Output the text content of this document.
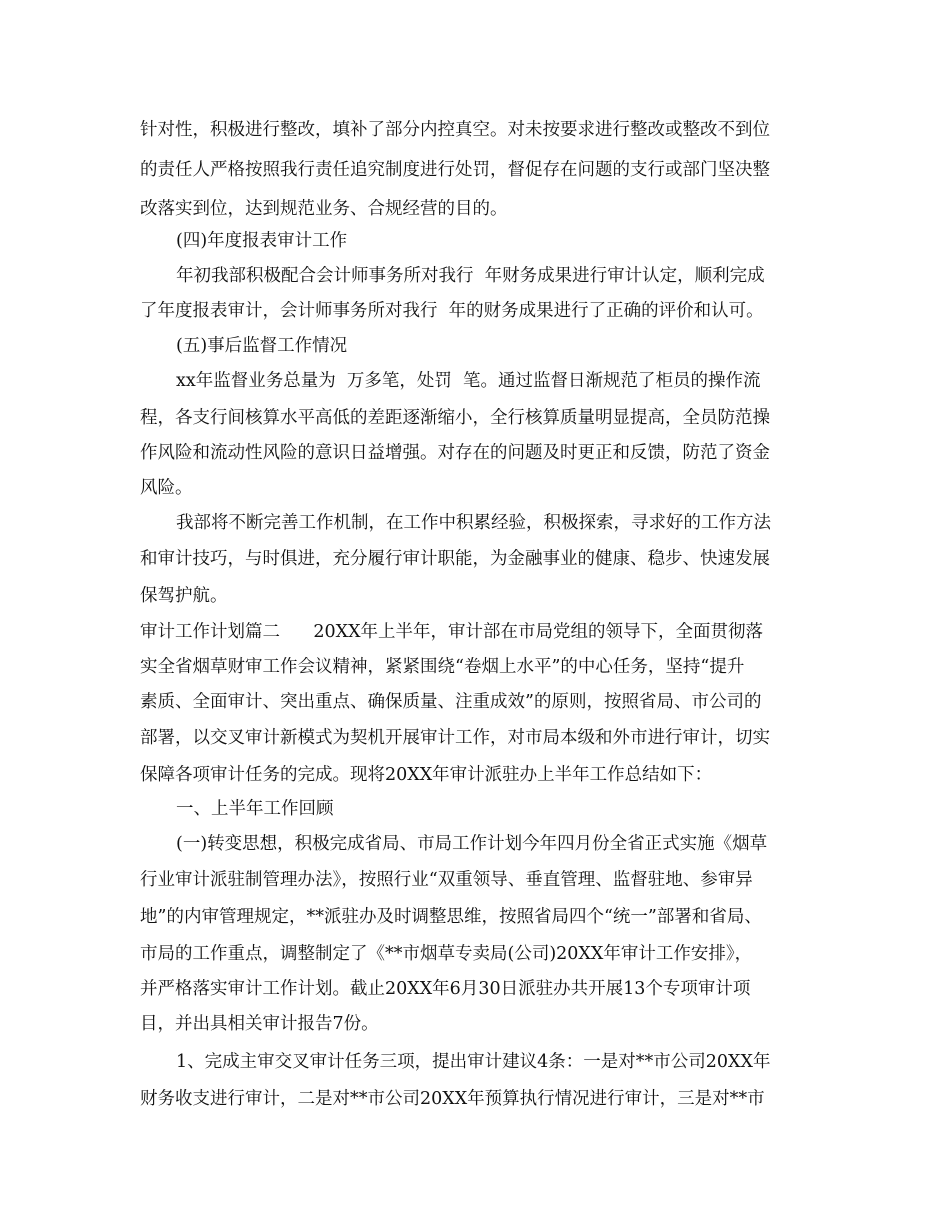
针对性，积极进行整改，填补了部分内控真空。对未按要求进行整改或整改不到位
的责任人严格按照我行责任追究制度进行处罚，督促存在问题的支行或部门坚决整
改落实到位，达到规范业务、合规经营的目的。
(四)年度报表审计工作
年初我部积极配合会计师事务所对我行  年财务成果进行审计认定，顺利完成
了年度报表审计，会计师事务所对我行  年的财务成果进行了正确的评价和认可。
(五)事后监督工作情况
xx年监督业务总量为  万多笔，处罚  笔。通过监督日渐规范了柜员的操作流
程，各支行间核算水平高低的差距逐渐缩小，全行核算质量明显提高，全员防范操
作风险和流动性风险的意识日益增强。对存在的问题及时更正和反馈，防范了资金
风险。
我部将不断完善工作机制，在工作中积累经验，积极探索，寻求好的工作方法
和审计技巧，与时俱进，充分履行审计职能，为金融事业的健康、稳步、快速发展
保驾护航。
审计工作计划篇二      20XX年上半年，审计部在市局党组的领导下，全面贯彻落
实全省烟草财审工作会议精神，紧紧围绕“卷烟上水平”的中心任务，坚持“提升
素质、全面审计、突出重点、确保质量、注重成效”的原则，按照省局、市公司的
部署，以交叉审计新模式为契机开展审计工作，对市局本级和外市进行审计，切实
保障各项审计任务的完成。现将20XX年审计派驻办上半年工作总结如下：
一、上半年工作回顾
(一)转变思想，积极完成省局、市局工作计划今年四月份全省正式实施《烟草
行业审计派驻制管理办法》，按照行业“双重领导、垂直管理、监督驻地、参审异
地”的内审管理规定，**派驻办及时调整思维，按照省局四个“统一”部署和省局、
市局的工作重点，调整制定了《**市烟草专卖局(公司)20XX年审计工作安排》，
并严格落实审计工作计划。截止20XX年6月30日派驻办共开展13个专项审计项
目，并出具相关审计报告7份。
1、完成主审交叉审计任务三项，提出审计建议4条：一是对**市公司20XX年
财务收支进行审计，二是对**市公司20XX年预算执行情况进行审计，三是对**市
